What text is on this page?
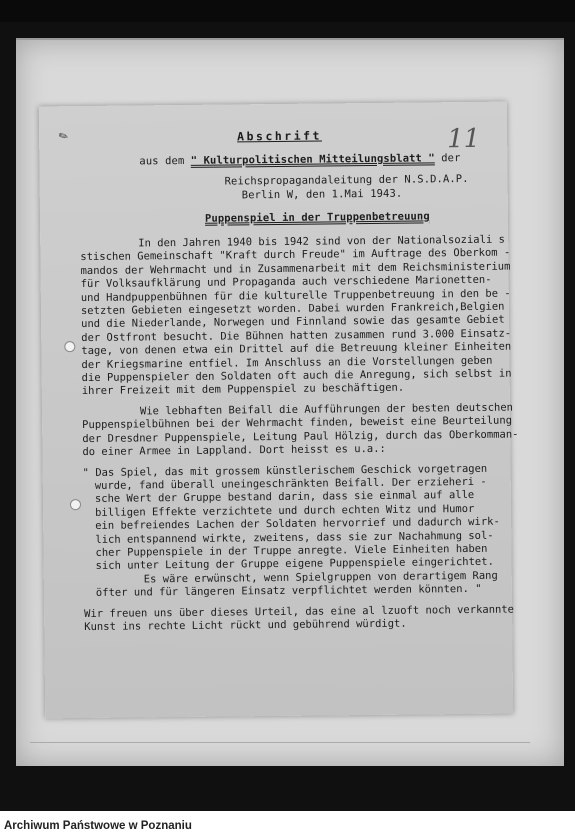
✎	11
Abschrift
aus dem " Kulturpolitischen Mitteilungsblatt " der
Reichspropagandaleitung der N.S.D.A.P.
Berlin W, den 1.Mai 1943.
Puppenspiel in der Truppenbetreuung
In den Jahren 1940 bis 1942 sind von der Nationalsoziali s
stischen Gemeinschaft "Kraft durch Freude" im Auftrage des Oberkom -
mandos der Wehrmacht und in Zusammenarbeit mit dem Reichsministerium
für Volksaufklärung und Propaganda auch verschiedene Marionetten-
und Handpuppenbühnen für die kulturelle Truppenbetreuung in den be -
setzten Gebieten eingesetzt worden. Dabei wurden Frankreich,Belgien
und die Niederlande, Norwegen und Finnland sowie das gesamte Gebiet
der Ostfront besucht. Die Bühnen hatten zusammen rund 3.000 Einsatz-
tage, von denen etwa ein Drittel auf die Betreuung kleiner Einheiten
der Kriegsmarine entfiel. Im Anschluss an die Vorstellungen geben
die Puppenspieler den Soldaten oft auch die Anregung, sich selbst in
ihrer Freizeit mit dem Puppenspiel zu beschäftigen.
Wie lebhaften Beifall die Aufführungen der besten deutschen
Puppenspielbühnen bei der Wehrmacht finden, beweist eine Beurteilung
der Dresdner Puppenspiele, Leitung Paul Hölzig, durch das Oberkomman-
do einer Armee in Lappland. Dort heisst es u.a.:
" Das Spiel, das mit grossem künstlerischem Geschick vorgetragen
wurde, fand überall uneingeschränkten Beifall. Der erzieheri -
sche Wert der Gruppe bestand darin, dass sie einmal auf alle
billigen Effekte verzichtete und durch echten Witz und Humor
ein befreiendes Lachen der Soldaten hervorrief und dadurch wirk-
lich entspannend wirkte, zweitens, dass sie zur Nachahmung sol-
cher Puppenspiele in der Truppe anregte. Viele Einheiten haben
sich unter Leitung der Gruppe eigene Puppenspiele eingerichtet.
Es wäre erwünscht, wenn Spielgruppen von derartigem Rang
öfter und für längeren Einsatz verpflichtet werden könnten. "
Wir freuen uns über dieses Urteil, das eine al lzuoft noch verkannte
Kunst ins rechte Licht rückt und gebührend würdigt.
Archiwum Państwowe w Poznaniu
